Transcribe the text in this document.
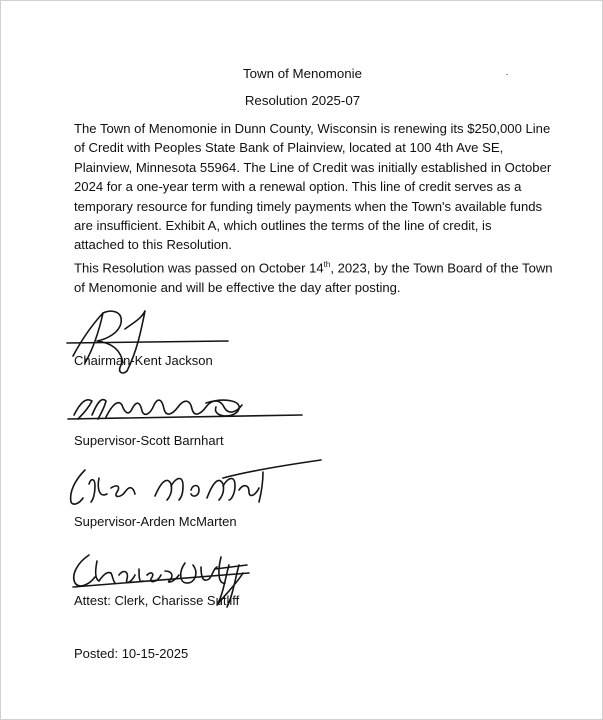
Town of Menomonie
Resolution 2025-07
The Town of Menomonie in Dunn County, Wisconsin is renewing its $250,000 Line
of Credit with Peoples State Bank of Plainview, located at 100 4th Ave SE,
Plainview, Minnesota 55964. The Line of Credit was initially established in October
2024 for a one-year term with a renewal option. This line of credit serves as a
temporary resource for funding timely payments when the Town's available funds
are insufficient. Exhibit A, which outlines the terms of the line of credit, is
attached to this Resolution.
This Resolution was passed on October 14th, 2023, by the Town Board of the Town
of Menomonie and will be effective the day after posting.
Chairman-Kent Jackson
Supervisor-Scott Barnhart
Supervisor-Arden McMarten
Attest: Clerk, Charisse Sutliff
Posted: 10-15-2025
